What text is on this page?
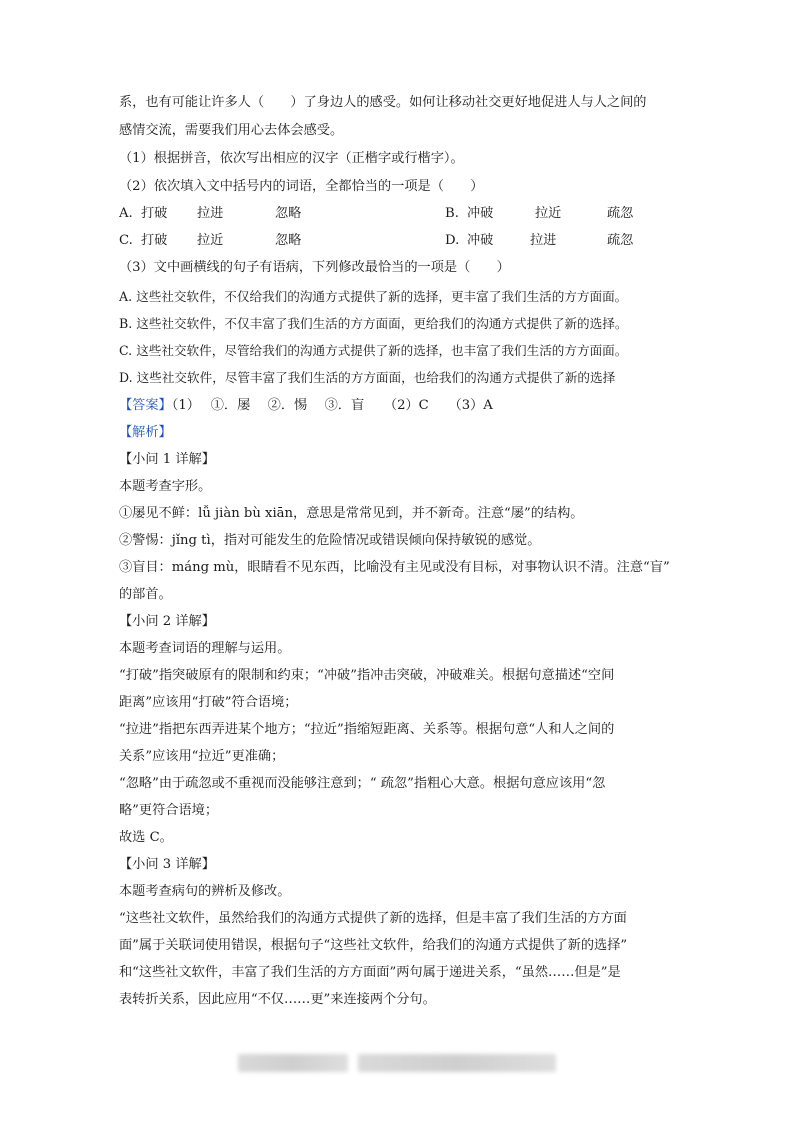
系，也有可能让许多人（　　）了身边人的感受。如何让移动社交更好地促进人与人之间的
感情交流，需要我们用心去体会感受。
（1）根据拼音，依次写出相应的汉字（正楷字或行楷字）。
（2）依次填入文中括号内的词语，全都恰当的一项是（　　）
A. 打破 拉进	忽略	B. 冲破	拉近	疏忽
C. 打破 拉近	忽略	D. 冲破	拉进	疏忽
（3）文中画横线的句子有语病，下列修改最恰当的一项是（　　）
A. 这些社交软件，不仅给我们的沟通方式提供了新的选择，更丰富了我们生活的方方面面。
B. 这些社交软件，不仅丰富了我们生活的方方面面，更给我们的沟通方式提供了新的选择。
C. 这些社交软件，尽管给我们的沟通方式提供了新的选择，也丰富了我们生活的方方面面。
D. 这些社交软件，尽管丰富了我们生活的方方面面，也给我们的沟通方式提供了新的选择
【答案】（1）　 ①．屡　 ②．惕　 ③．盲　　（2）C　　（3）A
【解析】
【小问 1 详解】
本题考查字形。
①屡见不鲜：lǚ jiàn bù xiān，意思是常常见到，并不新奇。注意“屡”的结构。
②警惕：jǐng tì，指对可能发生的危险情况或错误倾向保持敏锐的感觉。
③盲目：máng mù，眼睛看不见东西，比喻没有主见或没有目标，对事物认识不清。注意“盲”
的部首。
【小问 2 详解】
本题考查词语的理解与运用。
“打破”指突破原有的限制和约束；“冲破”指冲击突破，冲破难关。根据句意描述“空间
距离”应该用“打破”符合语境；
“拉进”指把东西弄进某个地方；“拉近”指缩短距离、关系等。根据句意“人和人之间的
关系”应该用“拉近”更准确；
“忽略”由于疏忽或不重视而没能够注意到；“ 疏忽”指粗心大意。根据句意应该用“忽
略”更符合语境；
故选 C。
【小问 3 详解】
本题考查病句的辨析及修改。
“这些社文软件，虽然给我们的沟通方式提供了新的选择，但是丰富了我们生活的方方面
面”属于关联词使用错误，根据句子“这些社文软件，给我们的沟通方式提供了新的选择”
和“这些社文软件，丰富了我们生活的方方面面”两句属于递进关系，“虽然……但是”是
表转折关系，因此应用“不仅……更”来连接两个分句。
